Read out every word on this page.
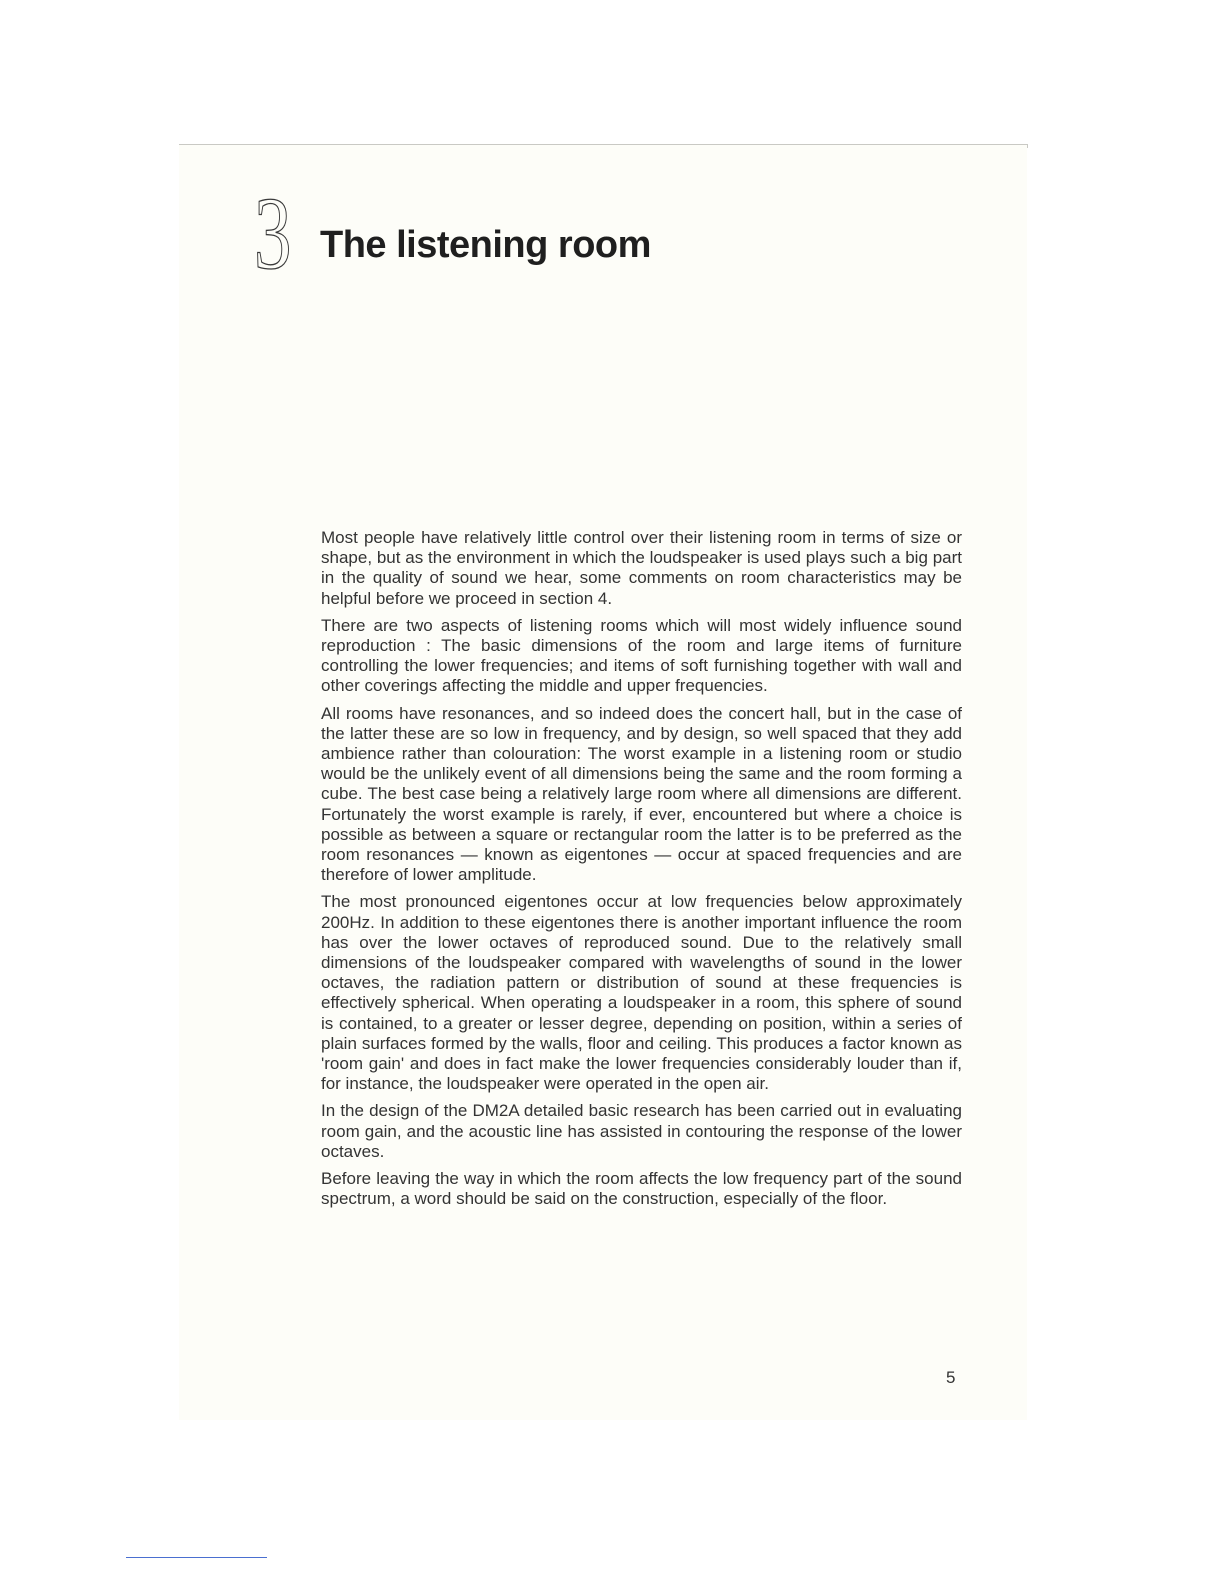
3 The listening room

Most people have relatively little control over their listening room in terms of size or shape, but as the environment in which the loudspeaker is used plays such a big part in the quality of sound we hear, some comments on room characteristics may be helpful before we proceed in section 4.

There are two aspects of listening rooms which will most widely influence sound reproduction : The basic dimensions of the room and large items of furniture controlling the lower frequencies; and items of soft furnishing together with wall and other coverings affecting the middle and upper frequencies.

All rooms have resonances, and so indeed does the concert hall, but in the case of the latter these are so low in frequency, and by design, so well spaced that they add ambience rather than colouration: The worst example in a listening room or studio would be the unlikely event of all dimensions being the same and the room forming a cube. The best case being a relatively large room where all dimensions are different. Fortunately the worst example is rarely, if ever, encountered but where a choice is possible as between a square or rectangular room the latter is to be preferred as the room resonances — known as eigentones — occur at spaced frequencies and are therefore of lower amplitude.

The most pronounced eigentones occur at low frequencies below approximately 200Hz. In addition to these eigentones there is another important influence the room has over the lower octaves of reproduced sound. Due to the relatively small dimensions of the loudspeaker compared with wavelengths of sound in the lower octaves, the radiation pattern or distribution of sound at these frequencies is effectively spherical. When operating a loudspeaker in a room, this sphere of sound is contained, to a greater or lesser degree, depending on position, within a series of plain surfaces formed by the walls, floor and ceiling. This produces a factor known as 'room gain' and does in fact make the lower frequencies considerably louder than if, for instance, the loudspeaker were operated in the open air.

In the design of the DM2A detailed basic research has been carried out in evaluating room gain, and the acoustic line has assisted in contouring the response of the lower octaves.

Before leaving the way in which the room affects the low frequency part of the sound spectrum, a word should be said on the construction, especially of the floor.

5
